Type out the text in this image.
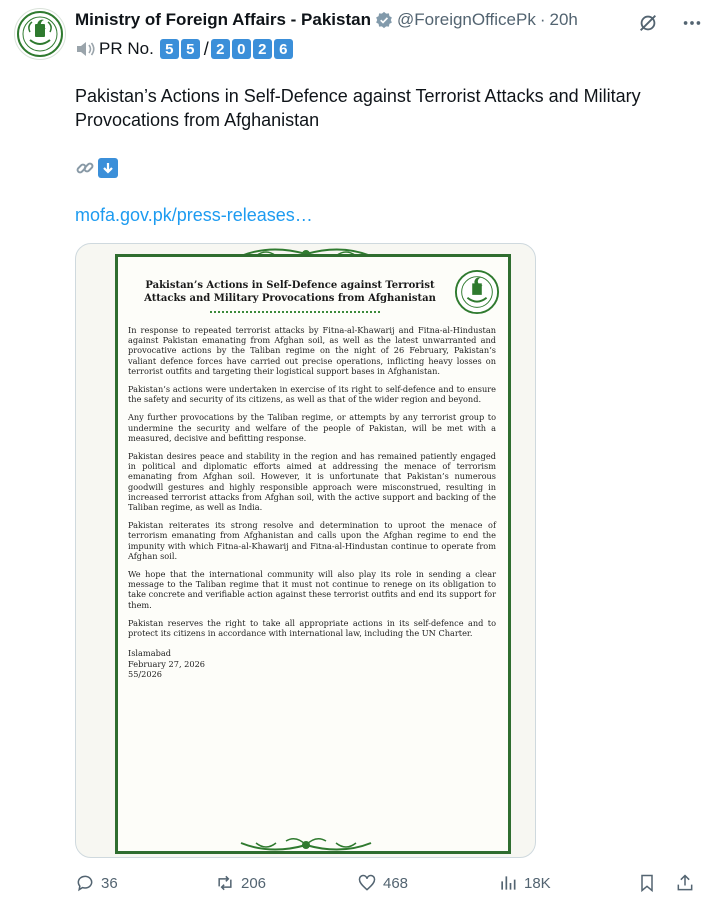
Ministry of Foreign Affairs - Pakistan @ForeignOfficePk · 20h
PR No. 5 5 / 2 0 2 6
Pakistan’s Actions in Self-Defence against Terrorist Attacks and Military Provocations from Afghanistan
mofa.gov.pk/press-releases…
Pakistan’s Actions in Self-Defence against Terrorist
Attacks and Military Provocations from Afghanistan

In response to repeated terrorist attacks by Fitna-al-Khawarij and Fitna-al-Hindustan against Pakistan emanating from Afghan soil, as well as the latest unwarranted and provocative actions by the Taliban regime on the night of 26 February, Pakistan’s valiant defence forces have carried out precise operations, inflicting heavy losses on terrorist outfits and targeting their logistical support bases in Afghanistan.

Pakistan’s actions were undertaken in exercise of its right to self-defence and to ensure the safety and security of its citizens, as well as that of the wider region and beyond.

Any further provocations by the Taliban regime, or attempts by any terrorist group to undermine the security and welfare of the people of Pakistan, will be met with a measured, decisive and befitting response.

Pakistan desires peace and stability in the region and has remained patiently engaged in political and diplomatic efforts aimed at addressing the menace of terrorism emanating from Afghan soil. However, it is unfortunate that Pakistan’s numerous goodwill gestures and highly responsible approach were misconstrued, resulting in increased terrorist attacks from Afghan soil, with the active support and backing of the Taliban regime, as well as India.

Pakistan reiterates its strong resolve and determination to uproot the menace of terrorism emanating from Afghanistan and calls upon the Afghan regime to end the impunity with which Fitna-al-Khawarij and Fitna-al-Hindustan continue to operate from Afghan soil.

We hope that the international community will also play its role in sending a clear message to the Taliban regime that it must not continue to renege on its obligation to take concrete and verifiable action against these terrorist outfits and end its support for them.

Pakistan reserves the right to take all appropriate actions in its self-defence and to protect its citizens in accordance with international law, including the UN Charter.

Islamabad
February 27, 2026
55/2026
36	206	468	18K
